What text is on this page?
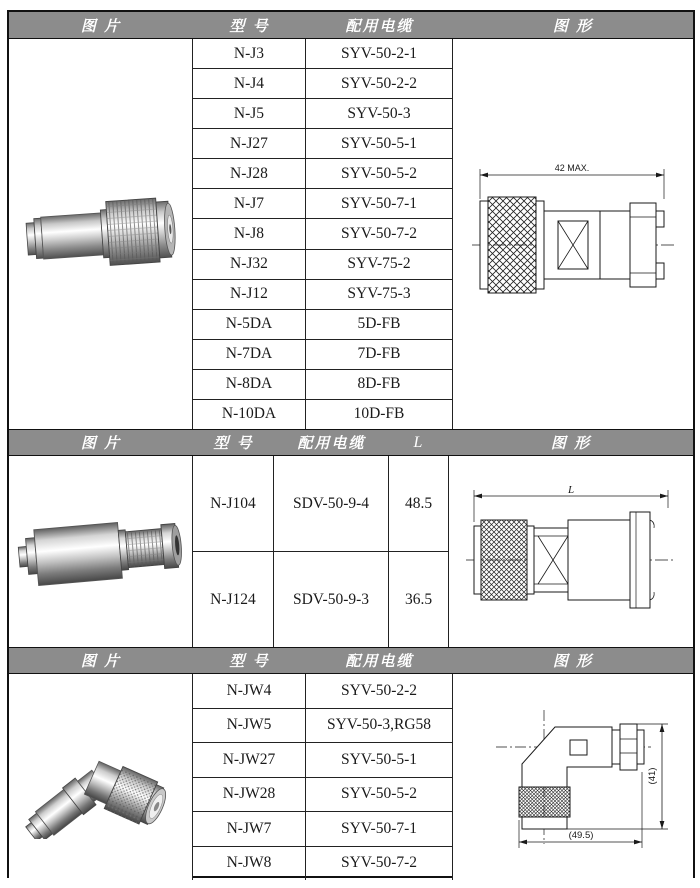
图 片	型 号	配用电缆	图 形
N-J3	SYV-50-2-1
N-J4	SYV-50-2-2
N-J5	SYV-50-3
N-J27	SYV-50-5-1
N-J28	SYV-50-5-2
N-J7	SYV-50-7-1
N-J8	SYV-50-7-2
N-J32	SYV-75-2
N-J12	SYV-75-3
N-5DA	5D-FB
N-7DA	7D-FB
N-8DA	8D-FB
N-10DA	10D-FB
42 MAX.
图 片	型 号	配用电缆	L	图 形
N-J104	SDV-50-9-4	48.5
N-J124	SDV-50-9-3	36.5
L
图 片	型 号	配用电缆	图 形
N-JW4	SYV-50-2-2
N-JW5	SYV-50-3,RG58
N-JW27	SYV-50-5-1
N-JW28	SYV-50-5-2
N-JW7	SYV-50-7-1
N-JW8	SYV-50-7-2
(41)
(49.5)
